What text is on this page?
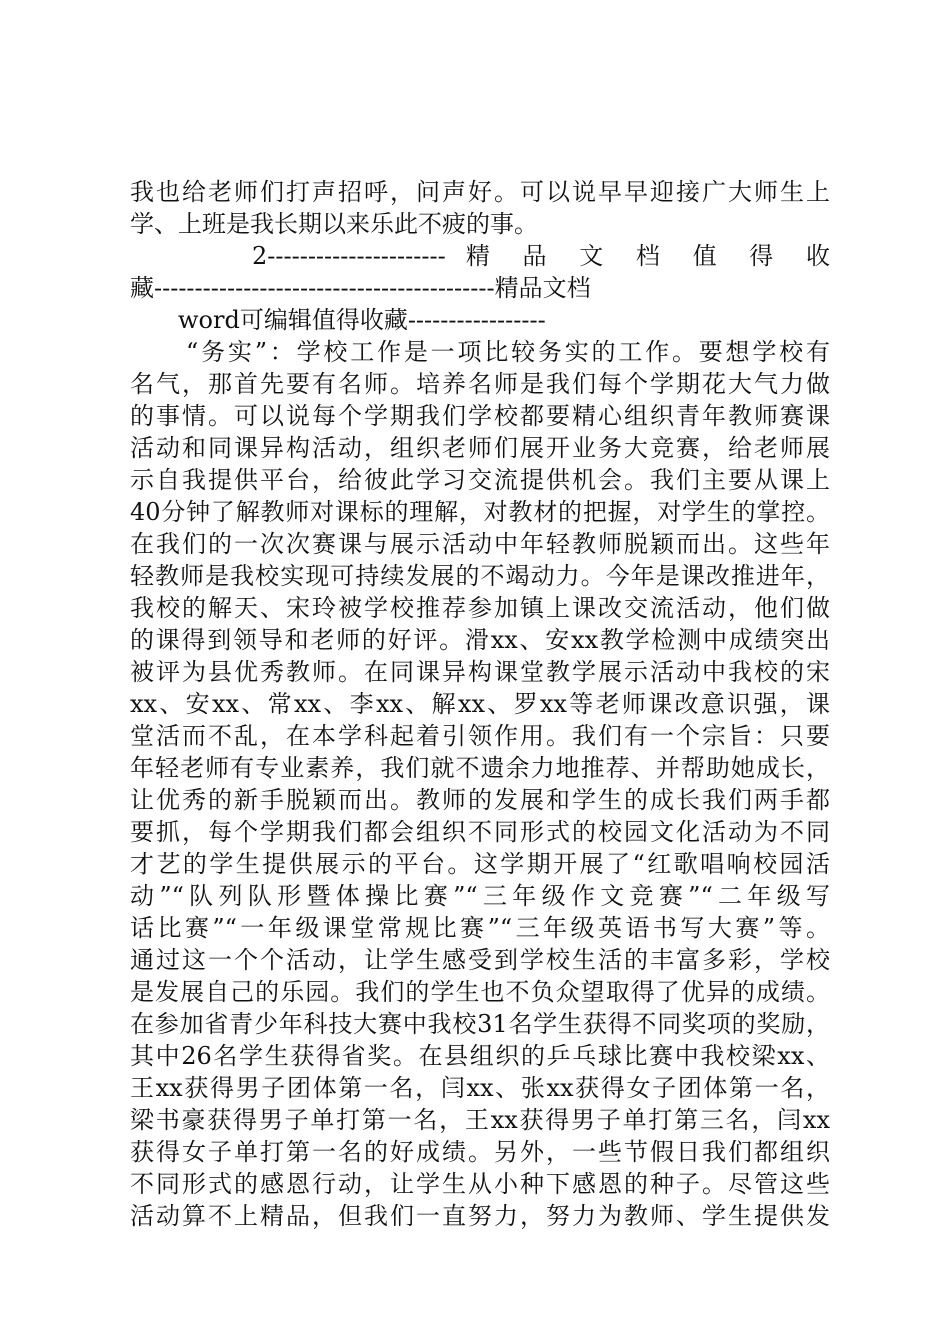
我也给老师们打声招呼，问声好。可以说早早迎接广大师生上
学、上班是我长期以来乐此不疲的事。
2---------------------- 精 品 文 档 值 得 收
藏------------------------------------------精品文档
word可编辑值得收藏-----------------
“务实”：学校工作是一项比较务实的工作。要想学校有
名气，那首先要有名师。培养名师是我们每个学期花大气力做
的事情。可以说每个学期我们学校都要精心组织青年教师赛课
活动和同课异构活动，组织老师们展开业务大竞赛，给老师展
示自我提供平台，给彼此学习交流提供机会。我们主要从课上
40分钟了解教师对课标的理解，对教材的把握，对学生的掌控。
在我们的一次次赛课与展示活动中年轻教师脱颖而出。这些年
轻教师是我校实现可持续发展的不竭动力。今年是课改推进年，
我校的解天、宋玲被学校推荐参加镇上课改交流活动，他们做
的课得到领导和老师的好评。滑xx、安xx教学检测中成绩突出
被评为县优秀教师。在同课异构课堂教学展示活动中我校的宋
xx、安xx、常xx、李xx、解xx、罗xx等老师课改意识强，课
堂活而不乱，在本学科起着引领作用。我们有一个宗旨：只要
年轻老师有专业素养，我们就不遗余力地推荐、并帮助她成长，
让优秀的新手脱颖而出。教师的发展和学生的成长我们两手都
要抓，每个学期我们都会组织不同形式的校园文化活动为不同
才艺的学生提供展示的平台。这学期开展了“红歌唱响校园活
动”“队列队形暨体操比赛”“三年级作文竞赛”“二年级写
话比赛”“一年级课堂常规比赛”“三年级英语书写大赛”等。
通过这一个个活动，让学生感受到学校生活的丰富多彩，学校
是发展自己的乐园。我们的学生也不负众望取得了优异的成绩。
在参加省青少年科技大赛中我校31名学生获得不同奖项的奖励，
其中26名学生获得省奖。在县组织的乒乓球比赛中我校梁xx、
王xx获得男子团体第一名，闫xx、张xx获得女子团体第一名，
梁书豪获得男子单打第一名，王xx获得男子单打第三名，闫xx
获得女子单打第一名的好成绩。另外，一些节假日我们都组织
不同形式的感恩行动，让学生从小种下感恩的种子。尽管这些
活动算不上精品，但我们一直努力，努力为教师、学生提供发
